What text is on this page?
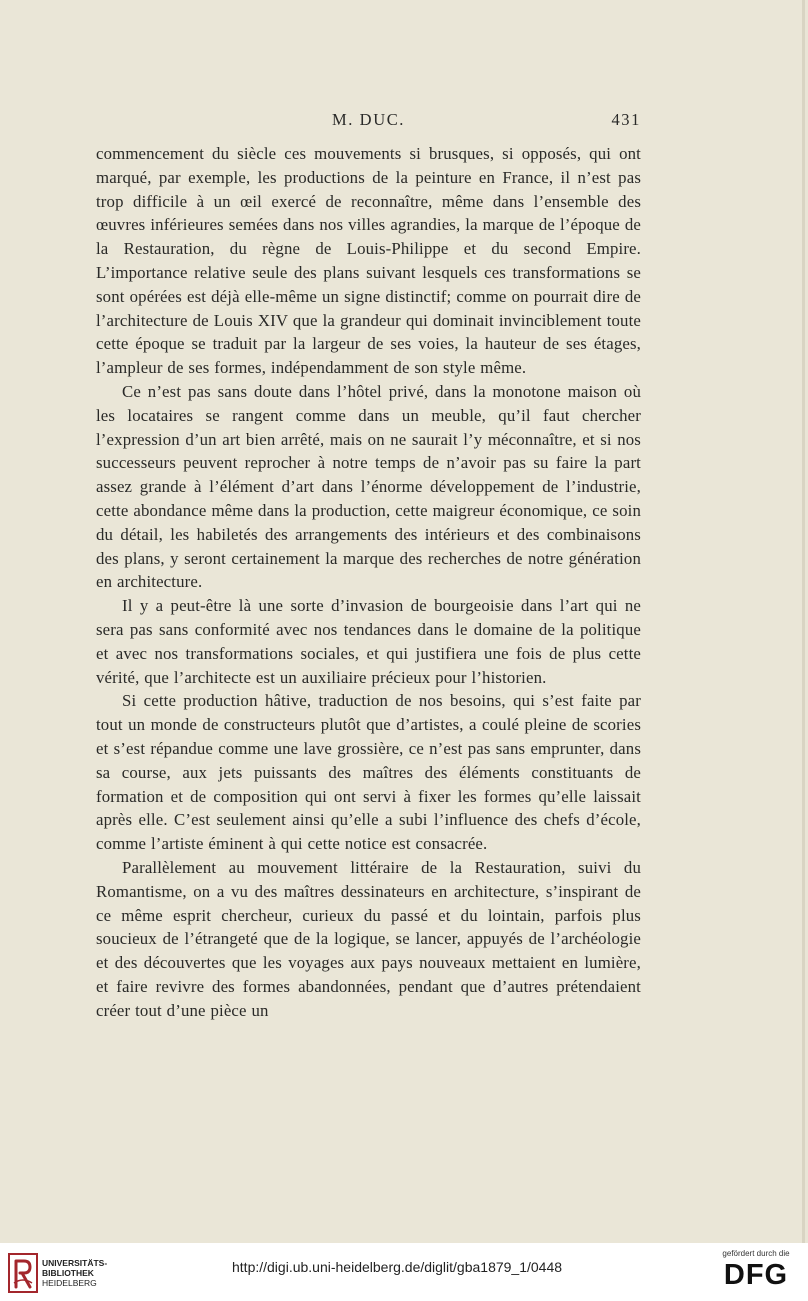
M. DUC.	431

commencement du siècle ces mouvements si brusques, si opposés, qui ont marqué, par exemple, les productions de la peinture en France, il n’est pas trop difficile à un œil exercé de reconnaître, même dans l’ensemble des œuvres inférieures semées dans nos villes agrandies, la marque de l’époque de la Restauration, du règne de Louis-Philippe et du second Empire. L’importance relative seule des plans suivant lesquels ces transformations se sont opérées est déjà elle-même un signe distinctif; comme on pourrait dire de l’architecture de Louis XIV que la grandeur qui dominait invinciblement toute cette époque se traduit par la largeur de ses voies, la hauteur de ses étages, l’ampleur de ses formes, indépendamment de son style même.

Ce n’est pas sans doute dans l’hôtel privé, dans la monotone maison où les locataires se rangent comme dans un meuble, qu’il faut chercher l’expression d’un art bien arrêté, mais on ne saurait l’y méconnaître, et si nos successeurs peuvent reprocher à notre temps de n’avoir pas su faire la part assez grande à l’élément d’art dans l’énorme développement de l’industrie, cette abondance même dans la production, cette maigreur économique, ce soin du détail, les habiletés des arrangements des intérieurs et des combinaisons des plans, y seront certainement la marque des recherches de notre génération en architecture.

Il y a peut-être là une sorte d’invasion de bourgeoisie dans l’art qui ne sera pas sans conformité avec nos tendances dans le domaine de la politique et avec nos transformations sociales, et qui justifiera une fois de plus cette vérité, que l’architecte est un auxiliaire précieux pour l’historien.

Si cette production hâtive, traduction de nos besoins, qui s’est faite par tout un monde de constructeurs plutôt que d’artistes, a coulé pleine de scories et s’est répandue comme une lave grossière, ce n’est pas sans emprunter, dans sa course, aux jets puissants des maîtres des éléments constituants de formation et de composition qui ont servi à fixer les formes qu’elle laissait après elle. C’est seulement ainsi qu’elle a subi l’influence des chefs d’école, comme l’artiste éminent à qui cette notice est consacrée.

Parallèlement au mouvement littéraire de la Restauration, suivi du Romantisme, on a vu des maîtres dessinateurs en architecture, s’inspirant de ce même esprit chercheur, curieux du passé et du lointain, parfois plus soucieux de l’étrangeté que de la logique, se lancer, appuyés de l’archéologie et des découvertes que les voyages aux pays nouveaux mettaient en lumière, et faire revivre des formes abandonnées, pendant que d’autres prétendaient créer tout d’une pièce un

UNIVERSITÄTS-
BIBLIOTHEK
HEIDELBERG
http://digi.ub.uni-heidelberg.de/diglit/gba1879_1/0448
gefördert durch die
DFG
